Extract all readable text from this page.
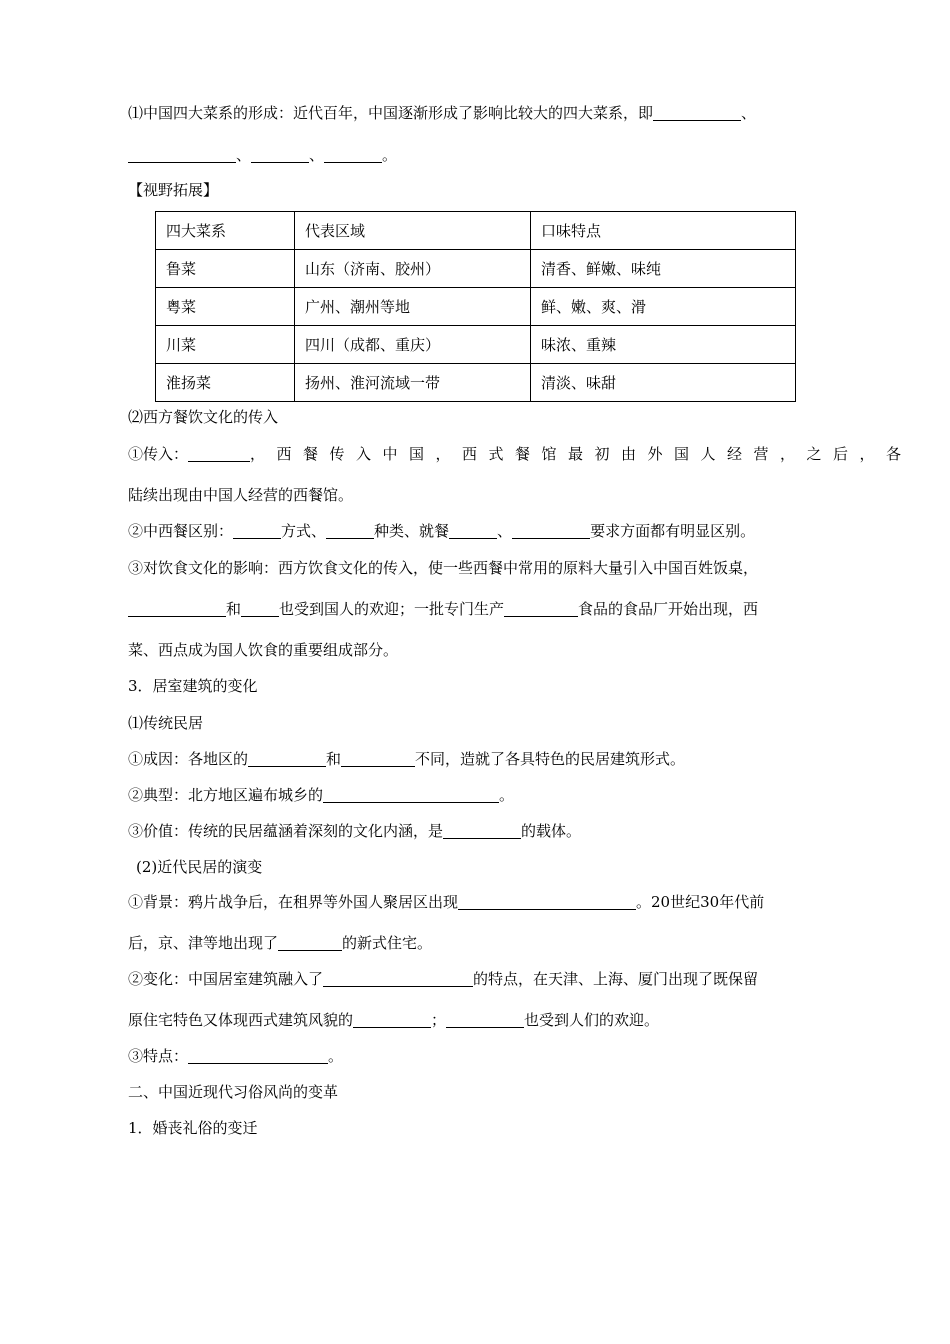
⑴中国四大菜系的形成：近代百年，中国逐渐形成了影响比较大的四大菜系，即	、
、	、	。
【视野拓展】
四大菜系	代表区域	口味特点
鲁菜	山东（济南、胶州）	清香、鲜嫩、味纯
粤菜	广州、潮州等地	鲜、嫩、爽、滑
川菜	四川（成都、重庆）	味浓、重辣
淮扬菜	扬州、淮河流域一带	清淡、味甜
⑵西方餐饮文化的传入
①传入：	，西餐传入中国，西式餐馆最初由外国人经营，之后，各
陆续出现由中国人经营的西餐馆。
②中西餐区别：	方式、	种类、就餐	、	要求方面都有明显区别。
③对饮食文化的影响：西方饮食文化的传入，使一些西餐中常用的原料大量引入中国百姓饭桌，
和	也受到国人的欢迎；一批专门生产	食品的食品厂开始出现，西
菜、西点成为国人饮食的重要组成部分。
3．居室建筑的变化
⑴传统民居
①成因：各地区的	和	不同，造就了各具特色的民居建筑形式。
②典型：北方地区遍布城乡的	。
③价值：传统的民居蕴涵着深刻的文化内涵，是	的载体。
(2)近代民居的演变
①背景：鸦片战争后，在租界等外国人聚居区出现	。20世纪30年代前
后，京、津等地出现了	的新式住宅。
②变化：中国居室建筑融入了	的特点，在天津、上海、厦门出现了既保留
原住宅特色又体现西式建筑风貌的	；	也受到人们的欢迎。
③特点：	。
二、中国近现代习俗风尚的变革
1．婚丧礼俗的变迁
